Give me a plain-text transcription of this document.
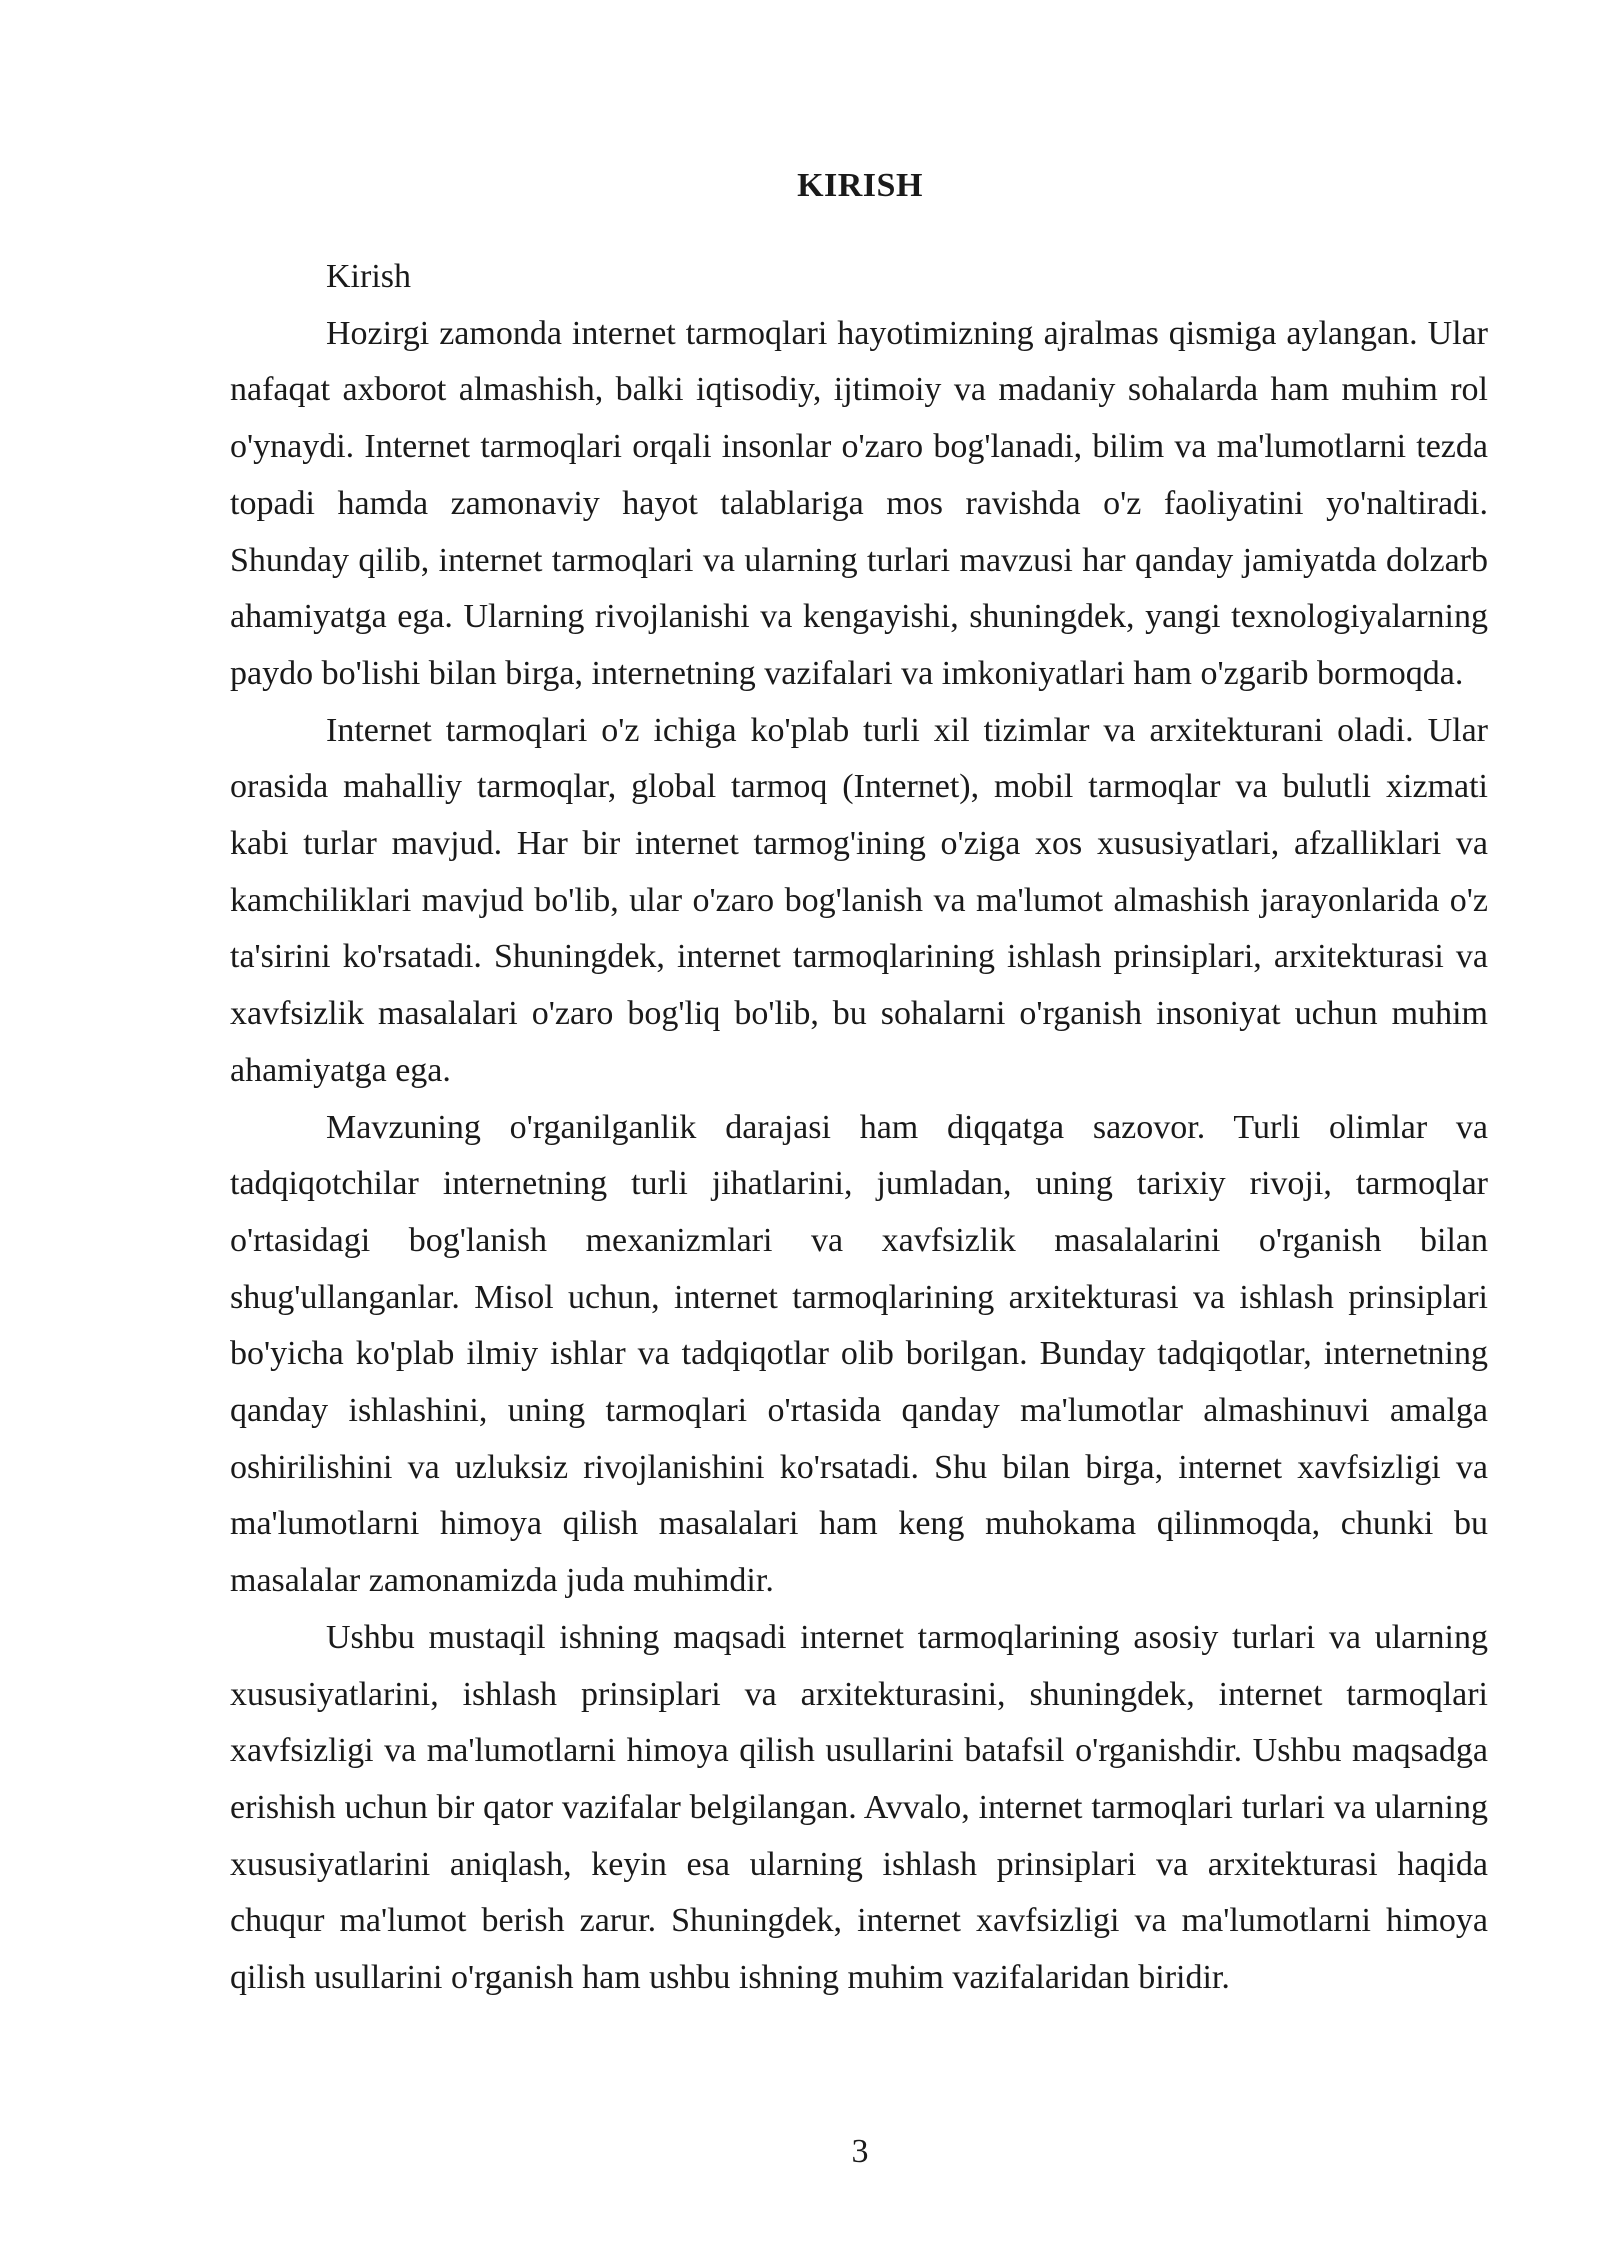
KIRISH

Kirish

Hozirgi zamonda internet tarmoqlari hayotimizning ajralmas qismiga aylangan. Ular nafaqat axborot almashish, balki iqtisodiy, ijtimoiy va madaniy sohalarda ham muhim rol o'ynaydi. Internet tarmoqlari orqali insonlar o'zaro bog'lanadi, bilim va ma'lumotlarni tezda topadi hamda zamonaviy hayot talablariga mos ravishda o'z faoliyatini yo'naltiradi. Shunday qilib, internet tarmoqlari va ularning turlari mavzusi har qanday jamiyatda dolzarb ahamiyatga ega. Ularning rivojlanishi va kengayishi, shuningdek, yangi texnologiyalarning paydo bo'lishi bilan birga, internetning vazifalari va imkoniyatlari ham o'zgarib bormoqda.

Internet tarmoqlari o'z ichiga ko'plab turli xil tizimlar va arxitekturani oladi. Ular orasida mahalliy tarmoqlar, global tarmoq (Internet), mobil tarmoqlar va bulutli xizmati kabi turlar mavjud. Har bir internet tarmog'ining o'ziga xos xususiyatlari, afzalliklari va kamchiliklari mavjud bo'lib, ular o'zaro bog'lanish va ma'lumot almashish jarayonlarida o'z ta'sirini ko'rsatadi. Shuningdek, internet tarmoqlarining ishlash prinsiplari, arxitekturasi va xavfsizlik masalalari o'zaro bog'liq bo'lib, bu sohalarni o'rganish insoniyat uchun muhim ahamiyatga ega.

Mavzuning o'rganilganlik darajasi ham diqqatga sazovor. Turli olimlar va tadqiqotchilar internetning turli jihatlarini, jumladan, uning tarixiy rivoji, tarmoqlar o'rtasidagi bog'lanish mexanizmlari va xavfsizlik masalalarini o'rganish bilan shug'ullanganlar. Misol uchun, internet tarmoqlarining arxitekturasi va ishlash prinsiplari bo'yicha ko'plab ilmiy ishlar va tadqiqotlar olib borilgan. Bunday tadqiqotlar, internetning qanday ishlashini, uning tarmoqlari o'rtasida qanday ma'lumotlar almashinuvi amalga oshirilishini va uzluksiz rivojlanishini ko'rsatadi. Shu bilan birga, internet xavfsizligi va ma'lumotlarni himoya qilish masalalari ham keng muhokama qilinmoqda, chunki bu masalalar zamonamizda juda muhimdir.

Ushbu mustaqil ishning maqsadi internet tarmoqlarining asosiy turlari va ularning xususiyatlarini, ishlash prinsiplari va arxitekturasini, shuningdek, internet tarmoqlari xavfsizligi va ma'lumotlarni himoya qilish usullarini batafsil o'rganishdir. Ushbu maqsadga erishish uchun bir qator vazifalar belgilangan. Avvalo, internet tarmoqlari turlari va ularning xususiyatlarini aniqlash, keyin esa ularning ishlash prinsiplari va arxitekturasi haqida chuqur ma'lumot berish zarur. Shuningdek, internet xavfsizligi va ma'lumotlarni himoya qilish usullarini o'rganish ham ushbu ishning muhim vazifalaridan biridir.

3
